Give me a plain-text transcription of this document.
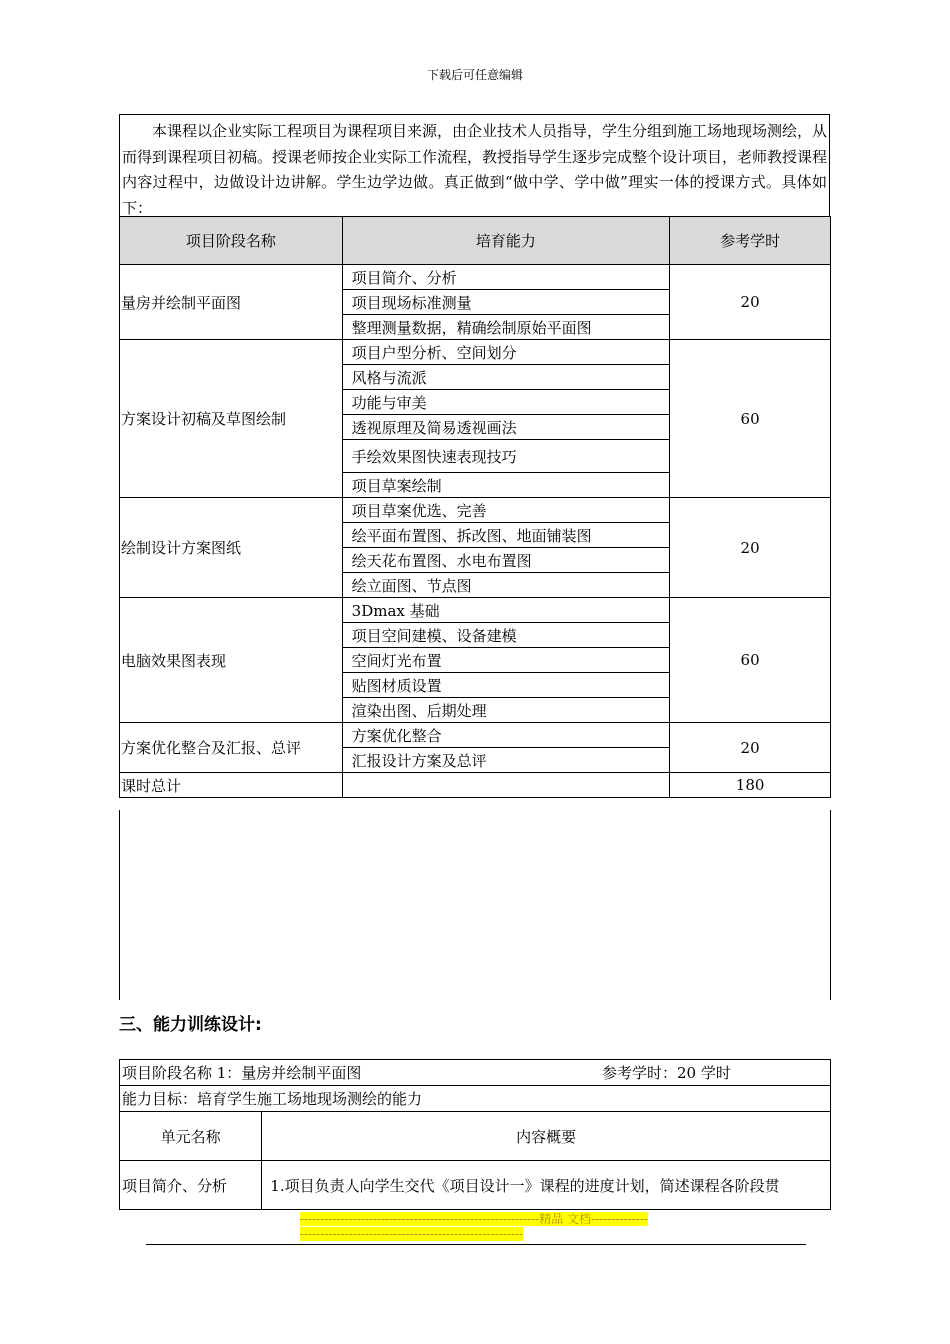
下载后可任意编辑
本课程以企业实际工程项目为课程项目来源，由企业技术人员指导，学生分组到施工场地现场测绘，从而得到课程项目初稿。授课老师按企业实际工作流程，教授指导学生逐步完成整个设计项目，老师教授课程内容过程中，边做设计边讲解。学生边学边做。真正做到“做中学、学中做”理实一体的授课方式。具体如下：
项目阶段名称	培育能力	参考学时
量房并绘制平面图	项目简介、分析	20
	项目现场标准测量	
	整理测量数据，精确绘制原始平面图	
方案设计初稿及草图绘制	项目户型分析、空间划分	60
	风格与流派	
	功能与审美	
	透视原理及简易透视画法	
	手绘效果图快速表现技巧	
	项目草案绘制	
绘制设计方案图纸	项目草案优选、完善	20
	绘平面布置图、拆改图、地面铺装图	
	绘天花布置图、水电布置图	
	绘立面图、节点图	
电脑效果图表现	3Dmax 基础	60
	项目空间建模、设备建模	
	空间灯光布置	
	贴图材质设置	
	渲染出图、后期处理	
方案优化整合及汇报、总评	方案优化整合	20
	汇报设计方案及总评	
课时总计		180
三、能力训练设计:
项目阶段名称 1：量房并绘制平面图 参考学时：20 学时	

能力目标：培育学生施工场地现场测绘的能力	
单元名称	内容概要
项目简介、分析	1.项目负责人向学生交代《项目设计一》课程的进度计划，简述课程各阶段贯
-----------------------------------------------------------精品 文档---------------------------------------------------------------------
